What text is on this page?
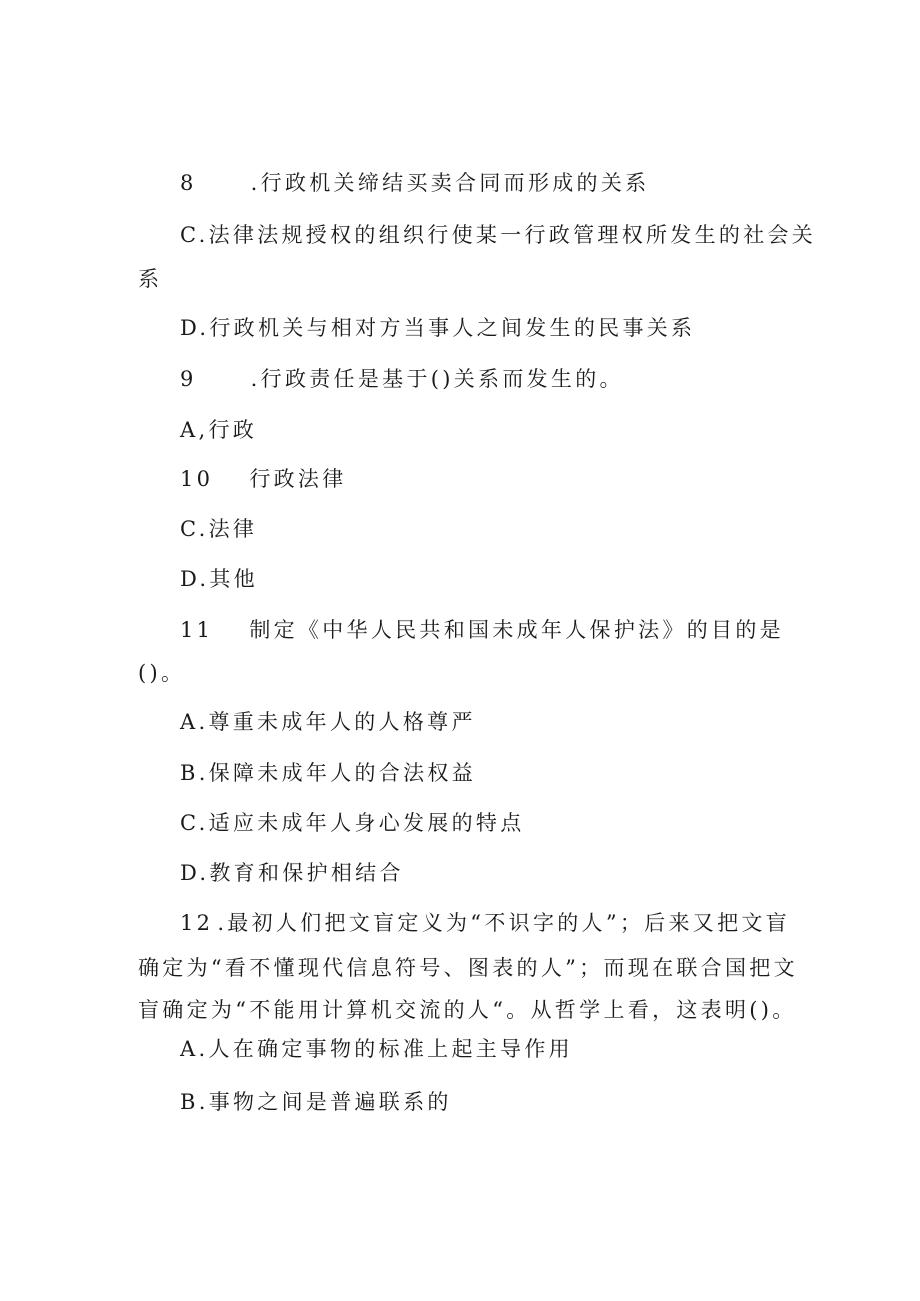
8	.行政机关缔结买卖合同而形成的关系
C.法律法规授权的组织行使某一行政管理权所发生的社会关
系
D.行政机关与相对方当事人之间发生的民事关系
9	.行政责任是基于()关系而发生的。
A,行政
10 行政法律
C.法律
D.其他
11 制定《中华人民共和国未成年人保护法》的目的是
()。
A.尊重未成年人的人格尊严
B.保障未成年人的合法权益
C.适应未成年人身心发展的特点
D.教育和保护相结合
12 .最初人们把文盲定义为“不识字的人”；后来又把文盲
确定为“看不懂现代信息符号、图表的人”；而现在联合国把文
盲确定为“不能用计算机交流的人“。从哲学上看，这表明()。
A.人在确定事物的标准上起主导作用
B.事物之间是普遍联系的
